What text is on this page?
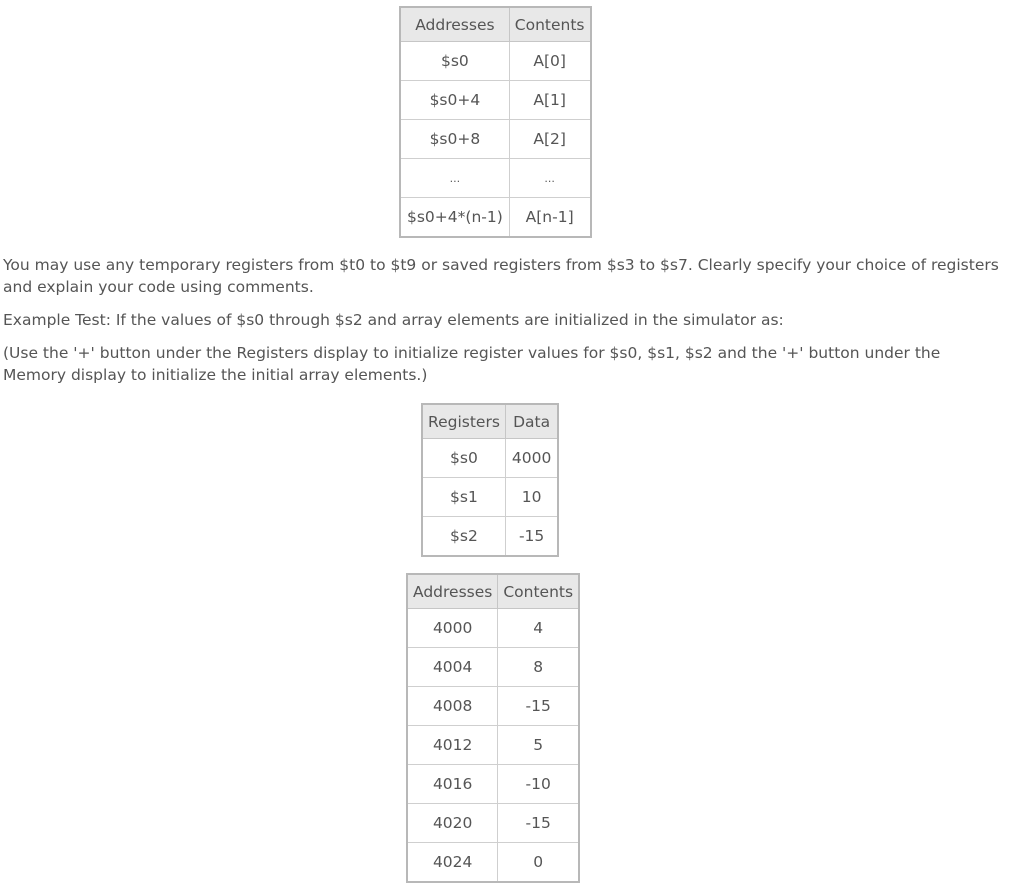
Addresses	Contents
$s0	A[0]
$s0+4	A[1]
$s0+8	A[2]
...	...
$s0+4*(n-1)	A[n-1]

You may use any temporary registers from $t0 to $t9 or saved registers from $s3 to $s7. Clearly specify your choice of registers and explain your code using comments.

Example Test: If the values of $s0 through $s2 and array elements are initialized in the simulator as:

(Use the '+' button under the Registers display to initialize register values for $s0, $s1, $s2 and the '+' button under the Memory display to initialize the initial array elements.)

Registers	Data
$s0	4000
$s1	10
$s2	-15
Addresses	Contents
4000	4
4004	8
4008	-15
4012	5
4016	-10
4020	-15
4024	0
